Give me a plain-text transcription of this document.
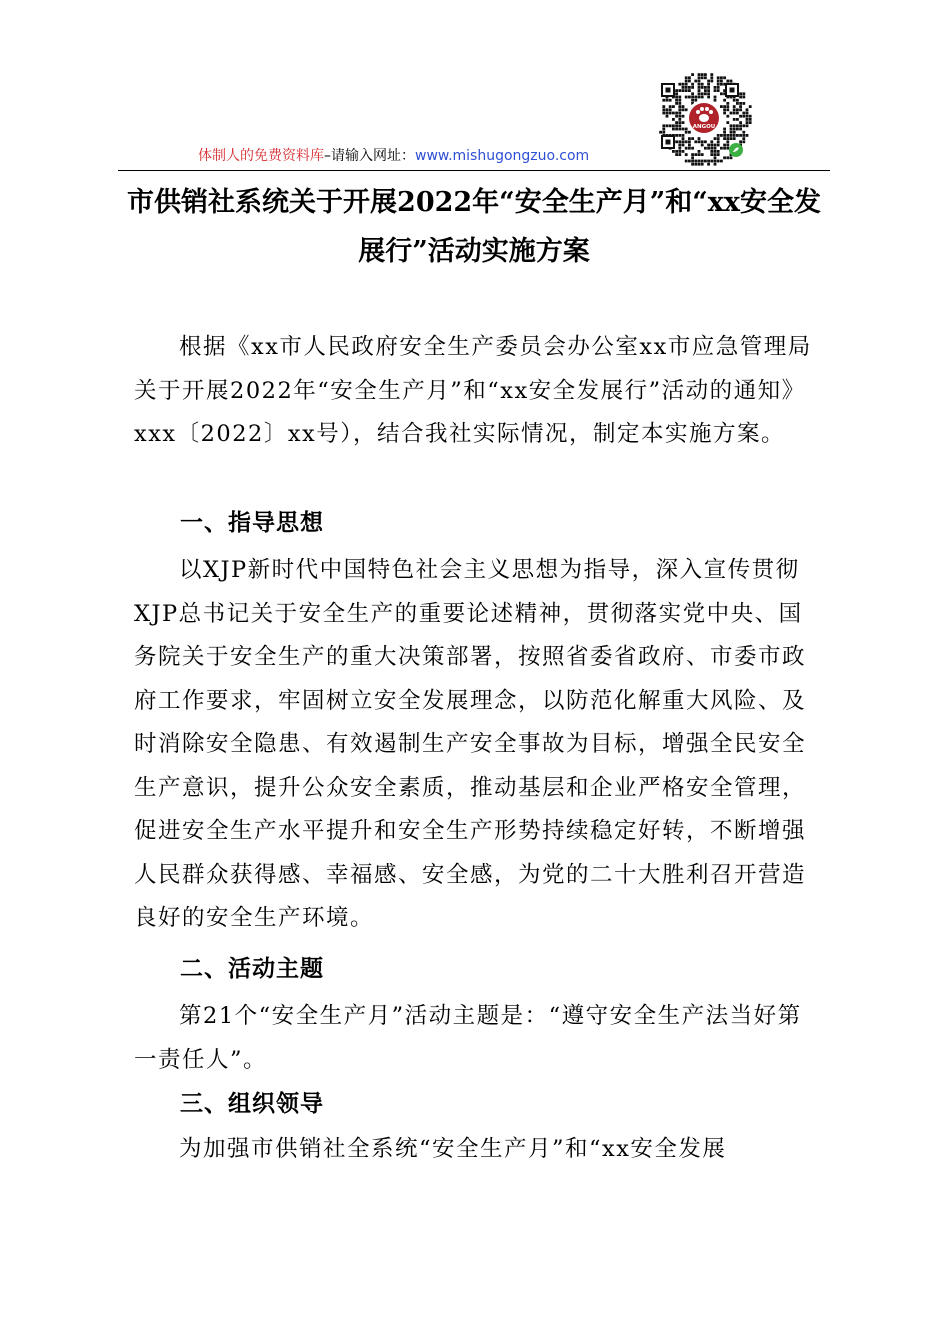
ANGOU
体制人的免费资料库–请输入网址：www.mishugongzuo.com
市供销社系统关于开展2022年“安全生产月”和“xx安全发
展行”活动实施方案

根据《xx市人民政府安全生产委员会办公室xx市应急管理局关于开展2022年“安全生产月”和“xx安全发展行”活动的通知》xxx〔2022〕xx号），结合我社实际情况，制定本实施方案。

一、指导思想

以XJP新时代中国特色社会主义思想为指导，深入宣传贯彻XJP总书记关于安全生产的重要论述精神，贯彻落实党中央、国务院关于安全生产的重大决策部署，按照省委省政府、市委市政府工作要求，牢固树立安全发展理念，以防范化解重大风险、及时消除安全隐患、有效遏制生产安全事故为目标，增强全民安全生产意识，提升公众安全素质，推动基层和企业严格安全管理，促进安全生产水平提升和安全生产形势持续稳定好转，不断增强人民群众获得感、幸福感、安全感，为党的二十大胜利召开营造良好的安全生产环境。

二、活动主题

第21个“安全生产月”活动主题是：“遵守安全生产法当好第一责任人”。

三、组织领导

为加强市供销社全系统“安全生产月”和“xx安全发展
